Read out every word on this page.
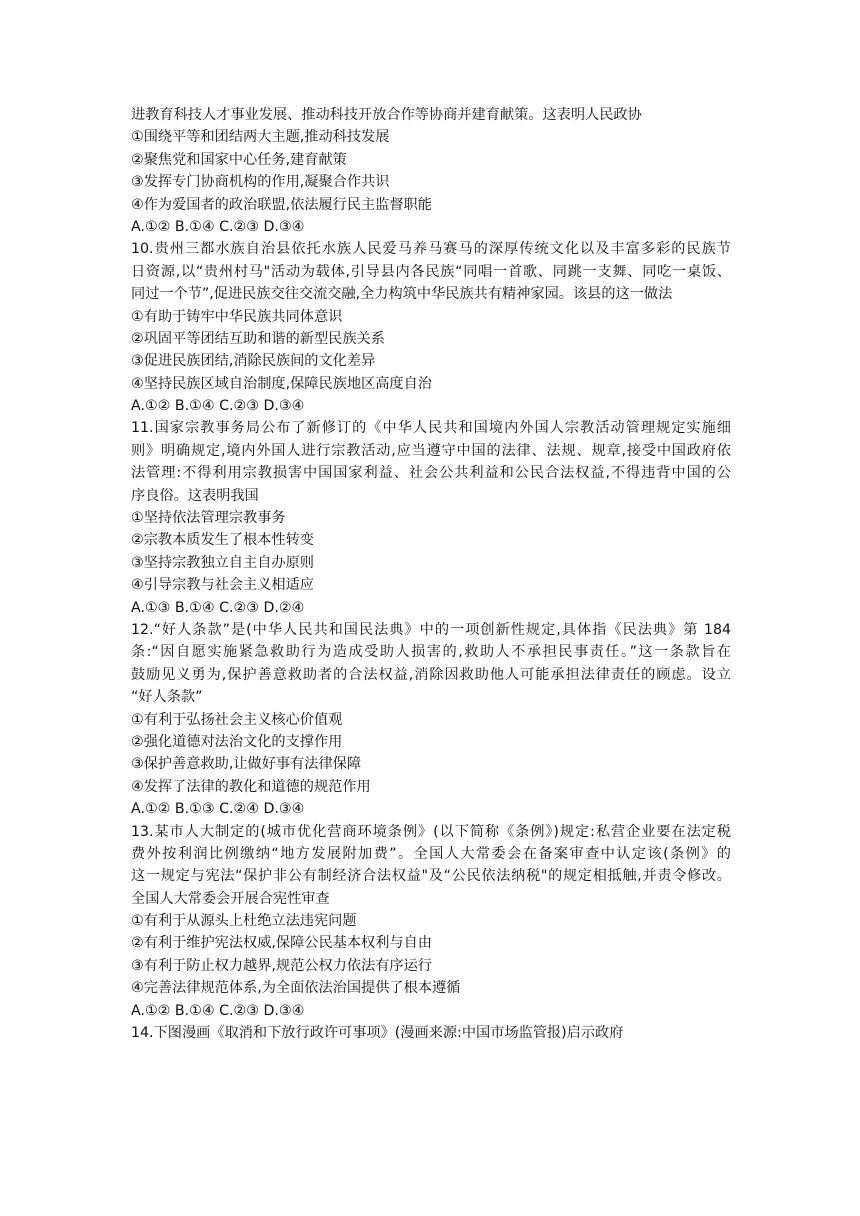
进教育科技人才事业发展、推动科技开放合作等协商并建育献策。这表明人民政协
①围绕平等和团结两大主题,推动科技发展
②聚焦党和国家中心任务,建育献策
③发挥专门协商机构的作用,凝聚合作共识
④作为爱国者的政治联盟,依法履行民主监督职能
A.①② B.①④ C.②③ D.③④
10.贵州三都水族自治县依托水族人民爱马养马赛马的深厚传统文化以及丰富多彩的民族节
日资源,以“贵州村马"活动为载体,引导县内各民族“同唱一首歌、同跳一支舞、同吃一桌饭、
同过一个节”,促进民族交往交流交融,全力构筑中华民族共有精神家园。该县的这一做法
①有助于铸牢中华民族共同体意识
②巩固平等团结互助和谐的新型民族关系
③促进民族团结,消除民族间的文化差异
④坚持民族区域自治制度,保障民族地区高度自治
A.①② B.①④ C.②③ D.③④
11.国家宗教事务局公布了新修订的《中华人民共和国境内外国人宗教活动管理规定实施细
则》明确规定,境内外国人进行宗教活动,应当遵守中国的法律、法规、规章,接受中国政府依
法管理:不得利用宗教损害中国国家利益、社会公共利益和公民合法权益,不得违背中国的公
序良俗。这表明我国
①坚持依法管理宗教事务
②宗教本质发生了根本性转变
③坚持宗教独立自主自办原则
④引导宗教与社会主义相适应
A.①③ B.①④ C.②③ D.②④
12.“好人条款”是(中华人民共和国民法典》中的一项创新性规定,具体指《民法典》第 184
条:“因自愿实施紧急救助行为造成受助人损害的,救助人不承担民事责任。”这一条款旨在
鼓励见义勇为,保护善意救助者的合法权益,消除因救助他人可能承担法律责任的顾虑。设立
“好人条款”
①有利于弘扬社会主义核心价值观
②强化道德对法治文化的支撑作用
③保护善意救助,让做好事有法律保障
④发挥了法律的教化和道德的规范作用
A.①② B.①③ C.②④ D.③④
13.某市人大制定的(城市优化营商环境条例》(以下简称《条例》)规定:私营企业要在法定税
费外按利润比例缴纳“地方发展附加费”。全国人大常委会在备案审查中认定该(条例》的
这一规定与宪法“保护非公有制经济合法权益"及“公民依法纳税"的规定相抵触,并责令修改。
全国人大常委会开展合宪性审查
①有利于从源头上杜绝立法违宪问题
②有利于维护宪法权威,保障公民基本权利与自由
③有利于防止权力越界,规范公权力依法有序运行
④完善法律规范体系,为全面依法治国提供了根本遵循
A.①② B.①④ C.②③ D.③④
14.下图漫画《取消和下放行政许可事项》(漫画来源:中国市场监管报)启示政府
